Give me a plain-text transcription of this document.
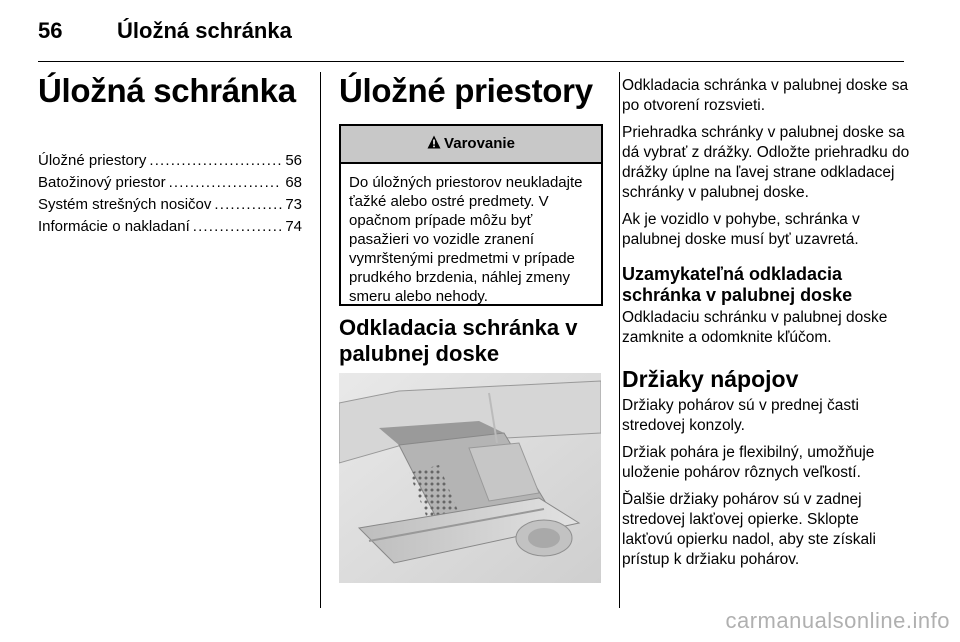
56 Úložná schránka
Úložná schránka
Úložné priestory . . .	56
Batožinový priestor . . .	68
Systém strešných nosičov . . .	73
Informácie o nakladaní . . .	74
Úložné priestory
Varovanie
Do úložných priestorov neukladajte ťažké alebo ostré predmety. V opačnom prípade môžu byť pasažieri vo vozidle zranení vymrštenými predmetmi v prípade prudkého brzdenia, náhlej zmeny smeru alebo nehody.
Odkladacia schránka v palubnej doske

Odkladacia schránka v palubnej doske sa po otvorení rozsvieti.

Priehradka schránky v palubnej doske sa dá vybrať z drážky. Odložte priehradku do drážky úplne na ľavej strane odkladacej schránky v palubnej doske.

Ak je vozidlo v pohybe, schránka v palubnej doske musí byť uzavretá.

Uzamykateľná odkladacia schránka v palubnej doske

Odkladaciu schránku v palubnej doske zamknite a odomknite kľúčom.

Držiaky nápojov

Držiaky pohárov sú v prednej časti stredovej konzoly.

Držiak pohára je flexibilný, umožňuje uloženie pohárov rôznych veľkostí.

Ďalšie držiaky pohárov sú v zadnej stredovej lakťovej opierke. Sklopte lakťovú opierku nadol, aby ste získali prístup k držiaku pohárov.

carmanualsonline.info
